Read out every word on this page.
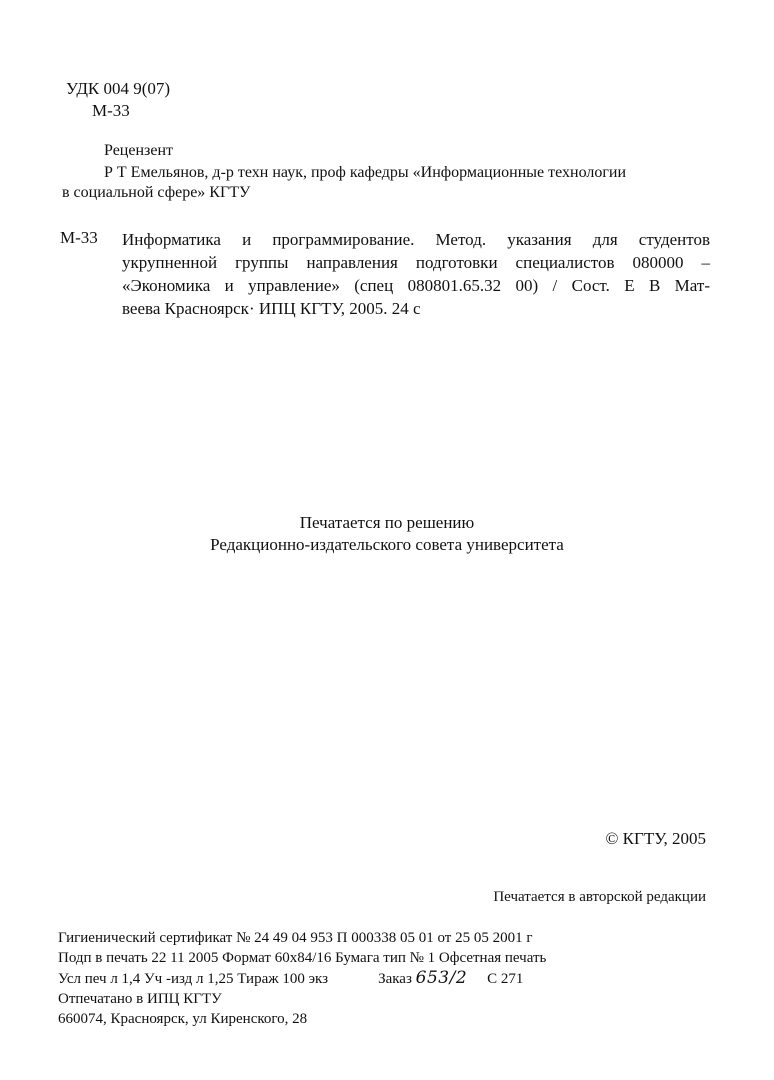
УДК 004 9(07)
М-33
Рецензент
Р Т Емельянов, д-р техн наук, проф кафедры «Информационные технологии
в социальной сфере» КГТУ
М-33 Информатика и программирование. Метод. указания для студентов
укрупненной группы направления подготовки специалистов 080000 –
«Экономика и управление» (спец 080801.65.32 00) / Сост. Е В Мат-
веева Красноярск· ИПЦ КГТУ, 2005. 24 с
Печатается по решению
Редакционно-издательского совета университета
© КГТУ, 2005
Печатается в авторской редакции
Гигиенический сертификат № 24 49 04 953 П 000338 05 01 от 25 05 2001 г
Подп в печать 22 11 2005 Формат 60х84/16 Бумага тип № 1 Офсетная печать
Усл печ л 1,4 Уч -изд л 1,25 Тираж 100 экз	Заказ 653/2 С 271
Отпечатано в ИПЦ КГТУ
660074, Красноярск, ул Киренского, 28
